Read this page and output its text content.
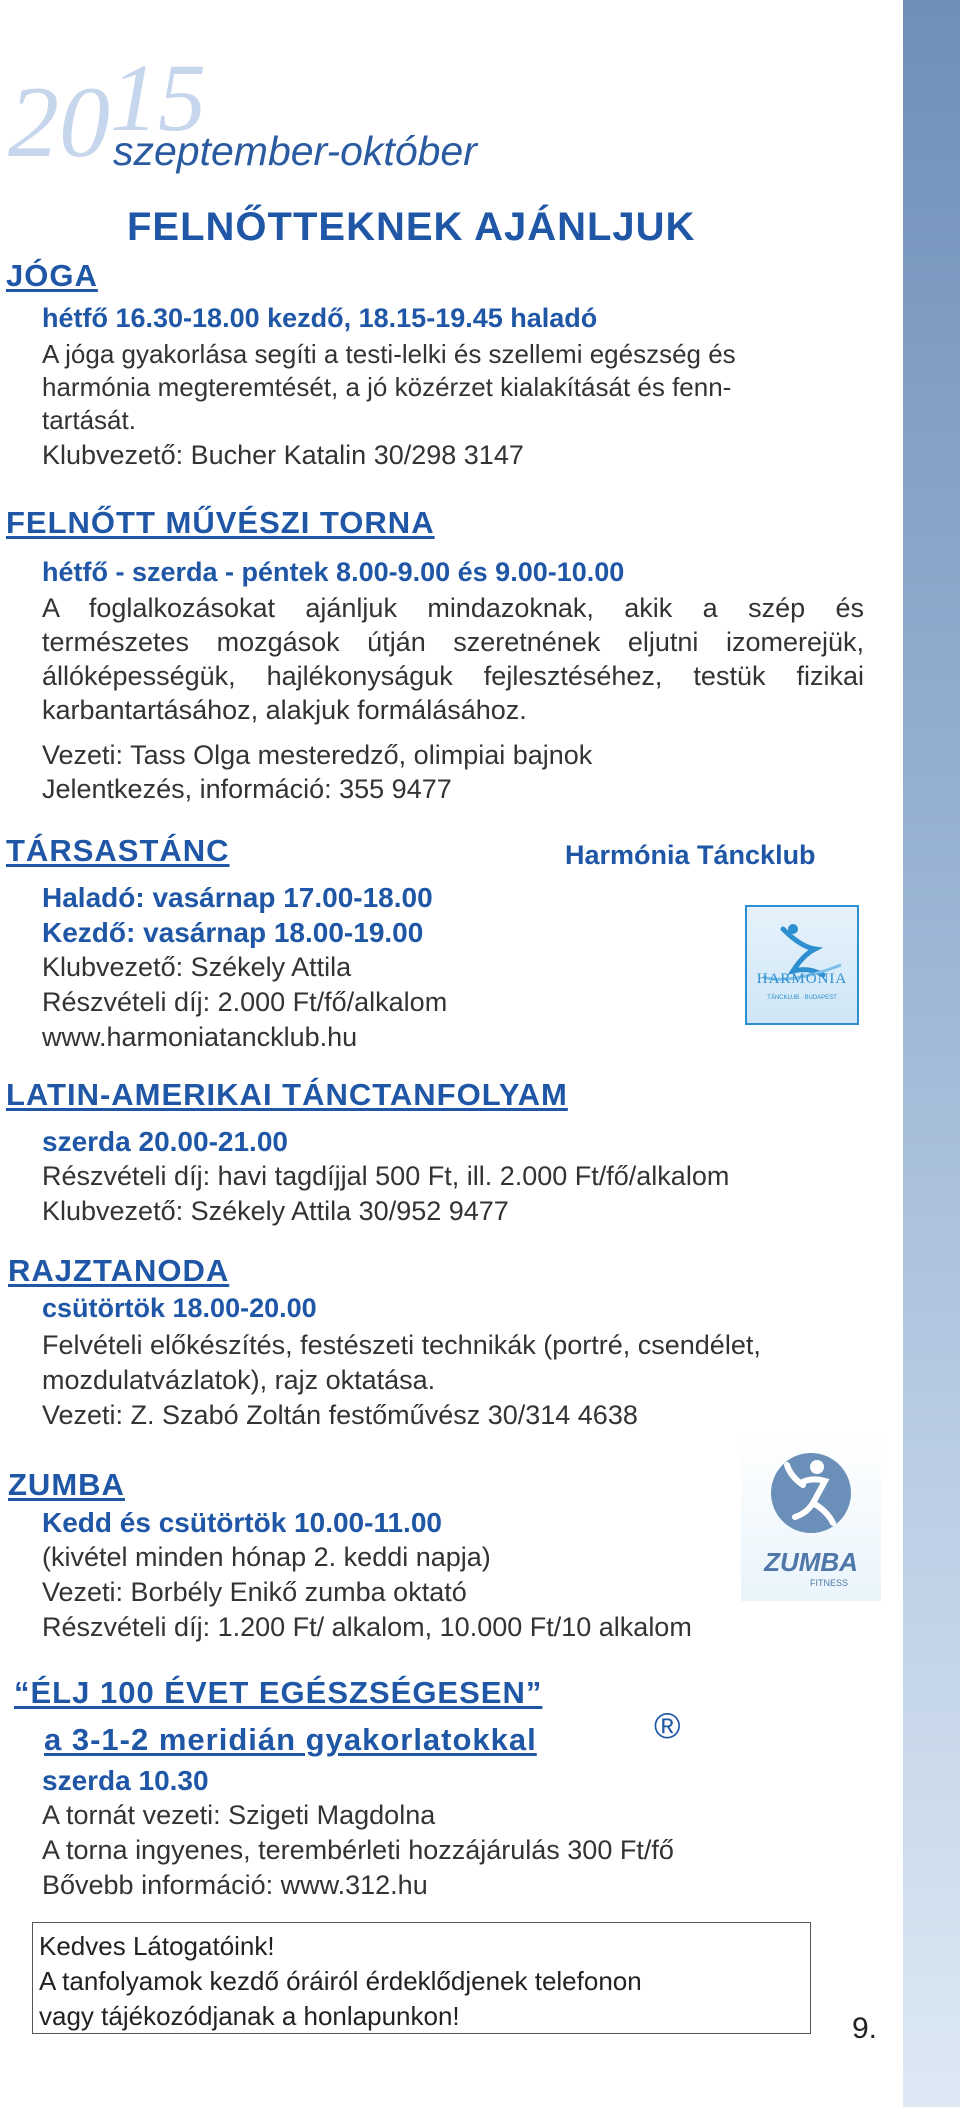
20 15
szeptember-október
FELNŐTTEKNEK AJÁNLJUK
JÓGA
hétfő 16.30-18.00 kezdő, 18.15-19.45 haladó
A jóga gyakorlása segíti a testi-lelki és szellemi egészség és
harmónia megteremtését, a jó közérzet kialakítását és fenn-
tartását.
Klubvezető: Bucher Katalin 30/298 3147
FELNŐTT MŰVÉSZI TORNA
hétfő - szerda - péntek 8.00-9.00 és 9.00-10.00
A foglalkozásokat ajánljuk mindazoknak, akik a szép és
természetes mozgások útján szeretnének eljutni izomerejük,
állóképességük, hajlékonyságuk fejlesztéséhez, testük fizikai
karbantartásához, alakjuk formálásához.
Vezeti: Tass Olga mesteredző, olimpiai bajnok
Jelentkezés, információ: 355 9477
TÁRSASTÁNC	Harmónia Táncklub
Haladó: vasárnap 17.00-18.00
Kezdő: vasárnap 18.00-19.00
Klubvezető: Székely Attila
Részvételi díj: 2.000 Ft/fő/alkalom
www.harmoniatancklub.hu
HARMÓNIA
TÁNCKLUB · BUDAPEST
LATIN-AMERIKAI TÁNCTANFOLYAM
szerda 20.00-21.00
Részvételi díj: havi tagdíjjal 500 Ft, ill. 2.000 Ft/fő/alkalom
Klubvezető: Székely Attila 30/952 9477
RAJZTANODA
csütörtök 18.00-20.00
Felvételi előkészítés, festészeti technikák (portré, csendélet,
mozdulatvázlatok), rajz oktatása.
Vezeti: Z. Szabó Zoltán festőművész 30/314 4638
ZUMBA
Kedd és csütörtök 10.00-11.00
(kivétel minden hónap 2. keddi napja)
Vezeti: Borbély Enikő zumba oktató
Részvételi díj: 1.200 Ft/ alkalom, 10.000 Ft/10 alkalom
ZUMBA
FITNESS
“ÉLJ 100 ÉVET EGÉSZSÉGESEN”
a 3-1-2 meridián gyakorlatokkal	®
szerda 10.30
A tornát vezeti: Szigeti Magdolna
A torna ingyenes, terembérleti hozzájárulás 300 Ft/fő
Bővebb információ: www.312.hu
Kedves Látogatóink!
A tanfolyamok kezdő óráiról érdeklődjenek telefonon
vagy tájékozódjanak a honlapunkon!	9.
